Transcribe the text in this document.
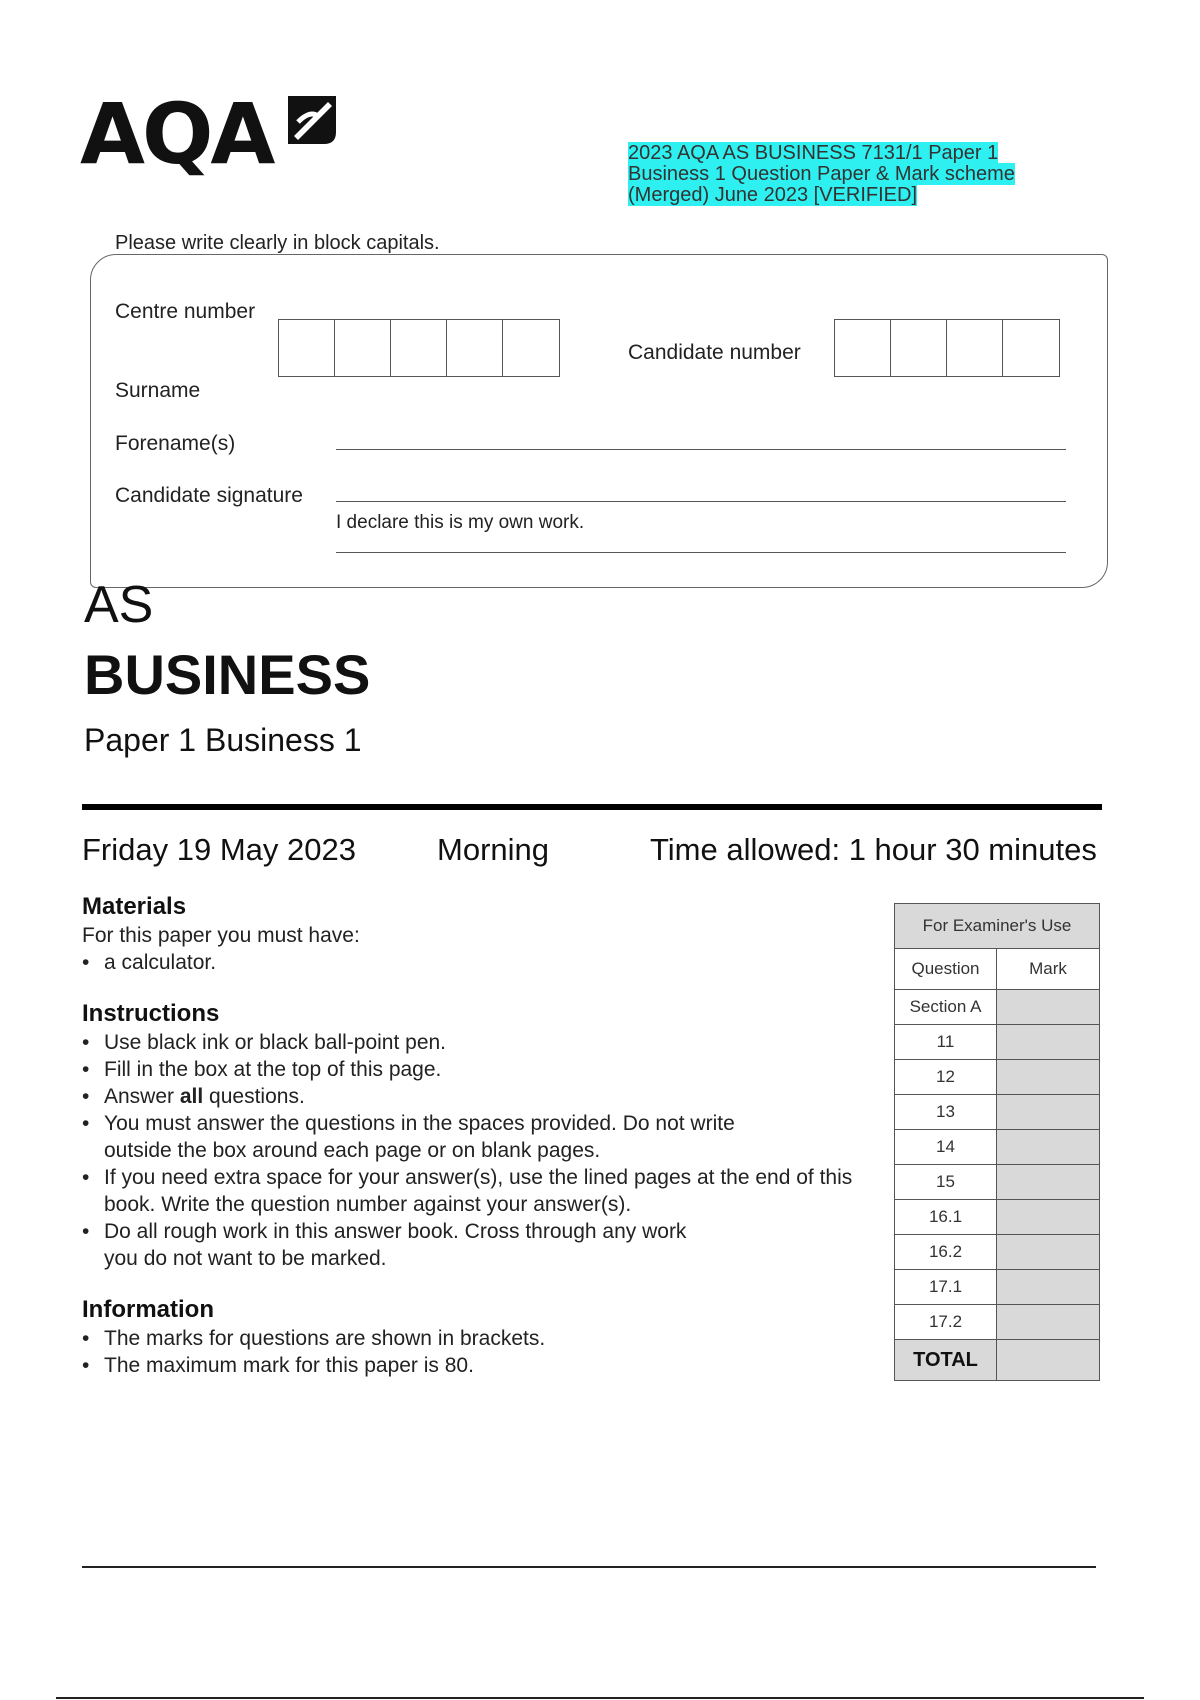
AQA	2023 AQA AS BUSINESS 7131/1 Paper 1 Business 1 Question Paper & Mark scheme (Merged) June 2023 [VERIFIED]
Please write clearly in block capitals.
Centre number
Candidate number
Surname
Forename(s)
Candidate signature
I declare this is my own work.
AS
BUSINESS
Paper 1 Business 1
Friday 19 May 2023	Morning	Time allowed: 1 hour 30 minutes
Materials
For this paper you must have:
• a calculator.
Instructions
• Use black ink or black ball-point pen.
• Fill in the box at the top of this page.
• Answer all questions.
• You must answer the questions in the spaces provided. Do not write outside the box around each page or on blank pages.
• If you need extra space for your answer(s), use the lined pages at the end of this book. Write the question number against your answer(s).
• Do all rough work in this answer book. Cross through any work you do not want to be marked.
Information
• The marks for questions are shown in brackets.
• The maximum mark for this paper is 80.
For Examiner's Use
Question	Mark
Section A
11
12
13
14
15
16.1
16.2
17.1
17.2
TOTAL
